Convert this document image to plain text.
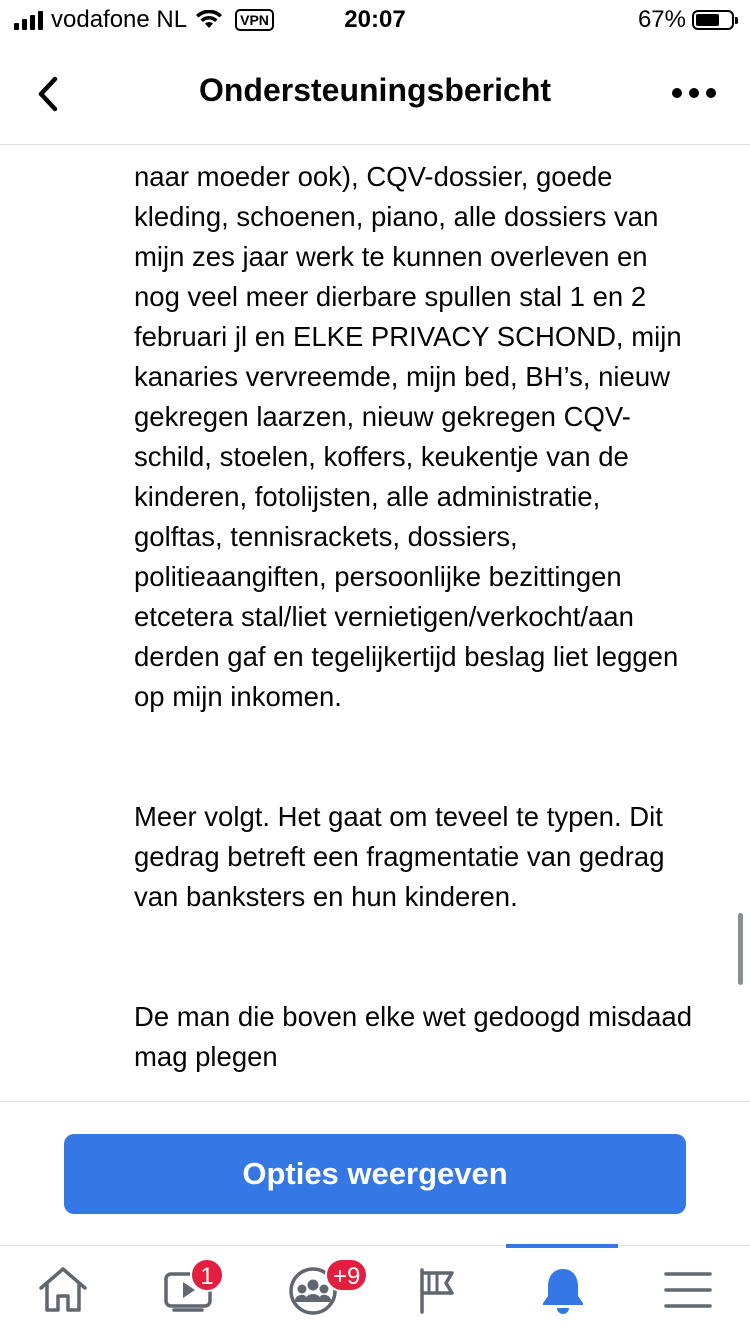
vodafone NL	VPN	20:07	67%
Ondersteuningsbericht

naar moeder ook), CQV-dossier, goede kleding, schoenen, piano, alle dossiers van mijn zes jaar werk te kunnen overleven en nog veel meer dierbare spullen stal 1 en 2 februari jl en ELKE PRIVACY SCHOND, mijn kanaries vervreemde, mijn bed, BH’s, nieuw gekregen laarzen, nieuw gekregen CQV-schild, stoelen, koffers, keukentje van de kinderen, fotolijsten, alle administratie, golftas, tennisrackets, dossiers, politieaangiften, persoonlijke bezittingen etcetera stal/liet vernietigen/verkocht/aan derden gaf en tegelijkertijd beslag liet leggen op mijn inkomen.

Meer volgt. Het gaat om teveel te typen. Dit gedrag betreft een fragmentatie van gedrag van banksters en hun kinderen.

De man die boven elke wet gedoogd misdaad mag plegen

Opties weergeven
1	+9
